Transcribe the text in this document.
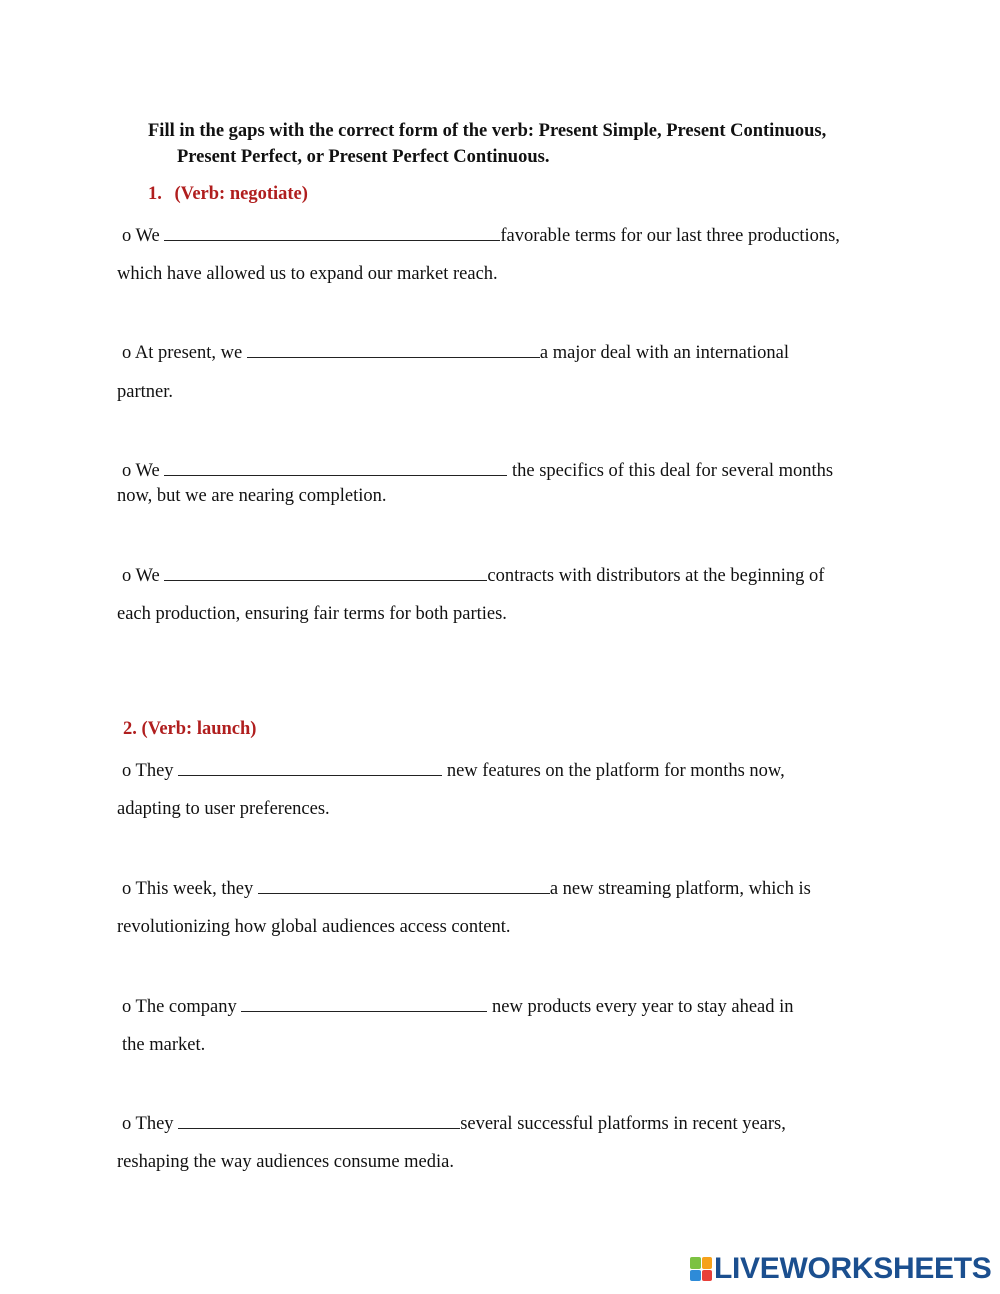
Fill in the gaps with the correct form of the verb: Present Simple, Present Continuous,
Present Perfect, or Present Perfect Continuous.
1. (Verb: negotiate)
o We	favorable terms for our last three productions,
which have allowed us to expand our market reach.
o At present, we	a major deal with an international
partner.
o We	the specifics of this deal for several months
now, but we are nearing completion.
o We	contracts with distributors at the beginning of
each production, ensuring fair terms for both parties.
2. (Verb: launch)
o They	new features on the platform for months now,
adapting to user preferences.
o This week, they	a new streaming platform, which is
revolutionizing how global audiences access content.
o The company	new products every year to stay ahead in
the market.
o They	several successful platforms in recent years,
reshaping the way audiences consume media.
LIVEWORKSHEETS
